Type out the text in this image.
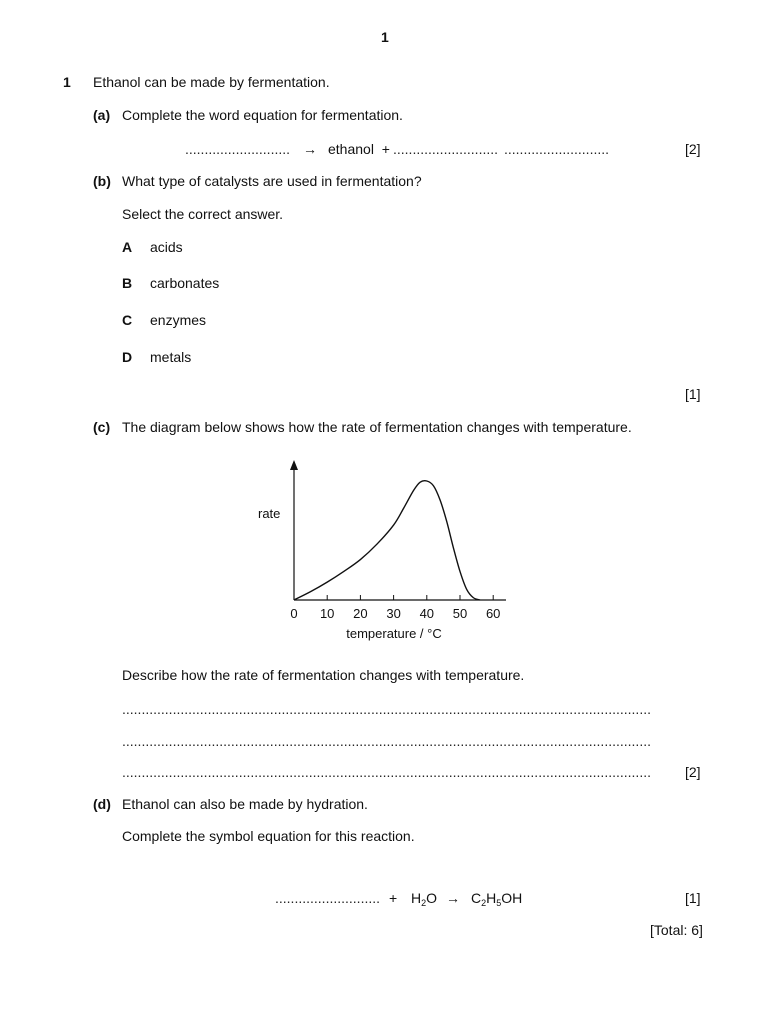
1
1 Ethanol can be made by fermentation.
(a) Complete the word equation for fermentation.
........................... → ethanol  + ........................... ...........................	[2]
(b) What type of catalysts are used in fermentation?
Select the correct answer.
A acids
B carbonates
C enzymes
D metals
[1]
(c) The diagram below shows how the rate of fermentation changes with temperature.
0 10 20 30 40 50 60
rate
temperature / °C
Describe how the rate of fermentation changes with temperature.
........................................................................................................................................
........................................................................................................................................
........................................................................................................................................ [2]
(d) Ethanol can also be made by hydration.
Complete the symbol equation for this reaction.
........................... + $H_2O \to C_2H_5OH$	[1]
[Total: 6]
